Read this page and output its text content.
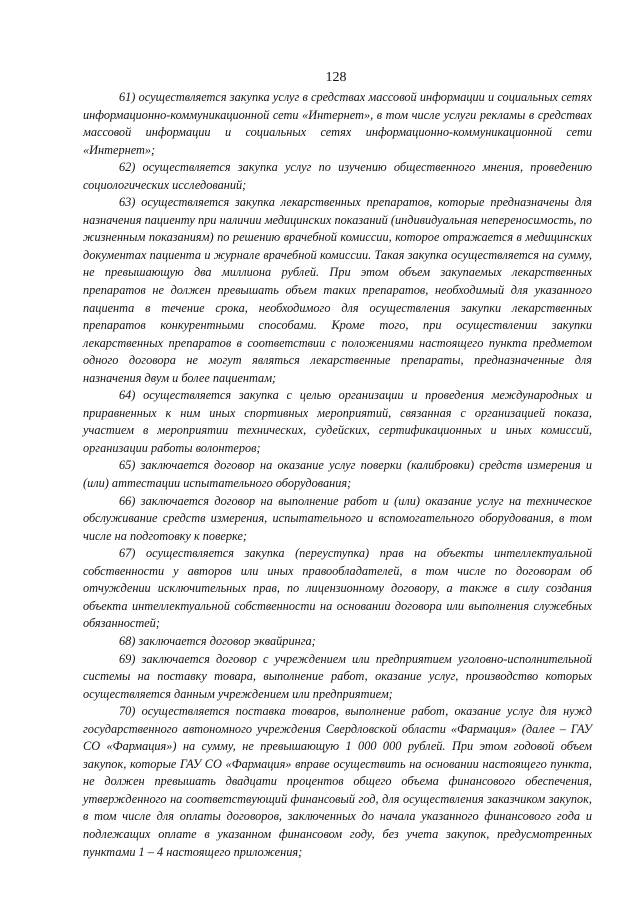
128

61) осуществляется закупка услуг в средствах массовой информации и социальных сетях информационно-коммуникационной сети «Интернет», в том числе услуги рекламы в средствах массовой информации и социальных сетях информационно-коммуникационной сети «Интернет»;

62) осуществляется закупка услуг по изучению общественного мнения, проведению социологических исследований;

63) осуществляется закупка лекарственных препаратов, которые предназначены для назначения пациенту при наличии медицинских показаний (индивидуальная непереносимость, по жизненным показаниям) по решению врачебной комиссии, которое отражается в медицинских документах пациента и журнале врачебной комиссии. Такая закупка осуществляется на сумму, не превышающую два миллиона рублей. При этом объем закупаемых лекарственных препаратов не должен превышать объем таких препаратов, необходимый для указанного пациента в течение срока, необходимого для осуществления закупки лекарственных препаратов конкурентными способами. Кроме того, при осуществлении закупки лекарственных препаратов в соответствии с положениями настоящего пункта предметом одного договора не могут являться лекарственные препараты, предназначенные для назначения двум и более пациентам;

64) осуществляется закупка с целью организации и проведения международных и приравненных к ним иных спортивных мероприятий, связанная с организацией показа, участием в мероприятии технических, судейских, сертификационных и иных комиссий, организации работы волонтеров;

65) заключается договор на оказание услуг поверки (калибровки) средств измерения и (или) аттестации испытательного оборудования;

66) заключается договор на выполнение работ и (или) оказание услуг на техническое обслуживание средств измерения, испытательного и вспомогательного оборудования, в том числе на подготовку к поверке;

67) осуществляется закупка (переуступка) прав на объекты интеллектуальной собственности у авторов или иных правообладателей, в том числе по договорам об отчуждении исключительных прав, по лицензионному договору, а также в силу создания объекта интеллектуальной собственности на основании договора или выполнения служебных обязанностей;

68) заключается договор эквайринга;

69) заключается договор с учреждением или предприятием уголовно-исполнительной системы на поставку товара, выполнение работ, оказание услуг, производство которых осуществляется данным учреждением или предприятием;

70) осуществляется поставка товаров, выполнение работ, оказание услуг для нужд государственного автономного учреждения Свердловской области «Фармация» (далее – ГАУ СО «Фармация») на сумму, не превышающую 1 000 000 рублей. При этом годовой объем закупок, которые ГАУ СО «Фармация» вправе осуществить на основании настоящего пункта, не должен превышать двадцати процентов общего объема финансового обеспечения, утвержденного на соответствующий финансовый год, для осуществления заказчиком закупок, в том числе для оплаты договоров, заключенных до начала указанного финансового года и подлежащих оплате в указанном финансовом году, без учета закупок, предусмотренных пунктами 1 – 4 настоящего приложения;
